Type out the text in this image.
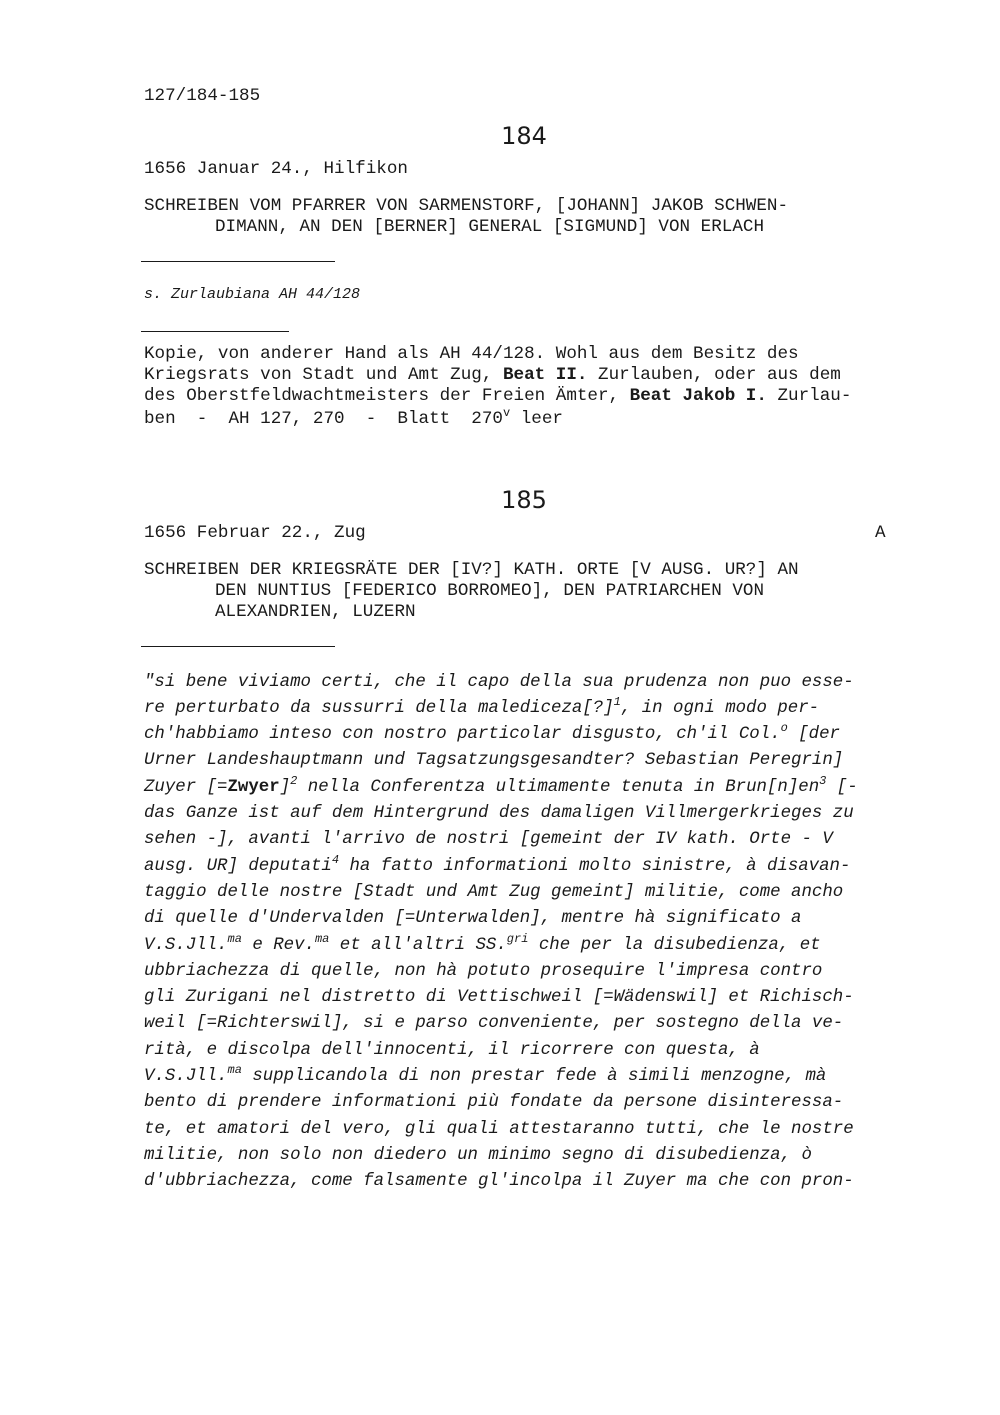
127/184-185
184
1656 Januar 24., Hilfikon
SCHREIBEN VOM PFARRER VON SARMENSTORF, [JOHANN] JAKOB SCHWEN-
DIMANN, AN DEN [BERNER] GENERAL [SIGMUND] VON ERLACH
s. Zurlaubiana AH 44/128
Kopie, von anderer Hand als AH 44/128. Wohl aus dem Besitz des
Kriegsrats von Stadt und Amt Zug, Beat II. Zurlauben, oder aus dem
des Oberstfeldwachtmeisters der Freien Ämter, Beat Jakob I. Zurlau-
ben  -  AH 127, 270  -  Blatt  270$^v$ leer
185
1656 Februar 22., Zug	A
SCHREIBEN DER KRIEGSRÄTE DER [IV?] KATH. ORTE [V AUSG. UR?] AN
DEN NUNTIUS [FEDERICO BORROMEO], DEN PATRIARCHEN VON
ALEXANDRIEN, LUZERN
"si bene viviamo certi, che il capo della sua prudenza non puo esse-
re perturbato da sussurri della malediceza[?]$^1$, in ogni modo per-
ch'habbiamo inteso con nostro particolar disgusto, ch'il Col.$^o$ [der
Urner Landeshauptmann und Tagsatzungsgesandter? Sebastian Peregrin]
Zuyer [=Zwyer]$^2$ nella Conferentza ultimamente tenuta in $Brun[n]en^3$ [-
das Ganze ist auf dem Hintergrund des damaligen Villmergerkrieges zu
sehen -], avanti l'arrivo de nostri [gemeint der IV kath. Orte - V
ausg. UR] deputati$^4$ ha fatto informationi molto sinistre, à disavan-
taggio delle nostre [Stadt und Amt Zug gemeint] militie, come ancho
di quelle d'Undervalden [=Unterwalden], mentre hà significato a
V.S.Jll.$^{ma}$ e Rev.$^{ma}$ et all'altri SS.$^{gri}$ che per la disubedienza, et
ubbriachezza di quelle, non hà potuto prosequire l'impresa contro
gli Zurigani nel distretto di Vettischweil [=Wädenswil] et Richisch-
weil [=Richterswil], si e parso conveniente, per sostegno della ve-
rità, e discolpa dell'innocenti, il ricorrere con questa, à
V.S.Jll.$^{ma}$ supplicandola di non prestar fede à simili menzogne, mà
bento di prendere informationi più fondate da persone disinteressa-
te, et amatori del vero, gli quali attestaranno tutti, che le nostre
militie, non solo non diedero un minimo segno di disubedienza, ò
d'ubbriachezza, come falsamente gl'incolpa il Zuyer ma che con pron-
